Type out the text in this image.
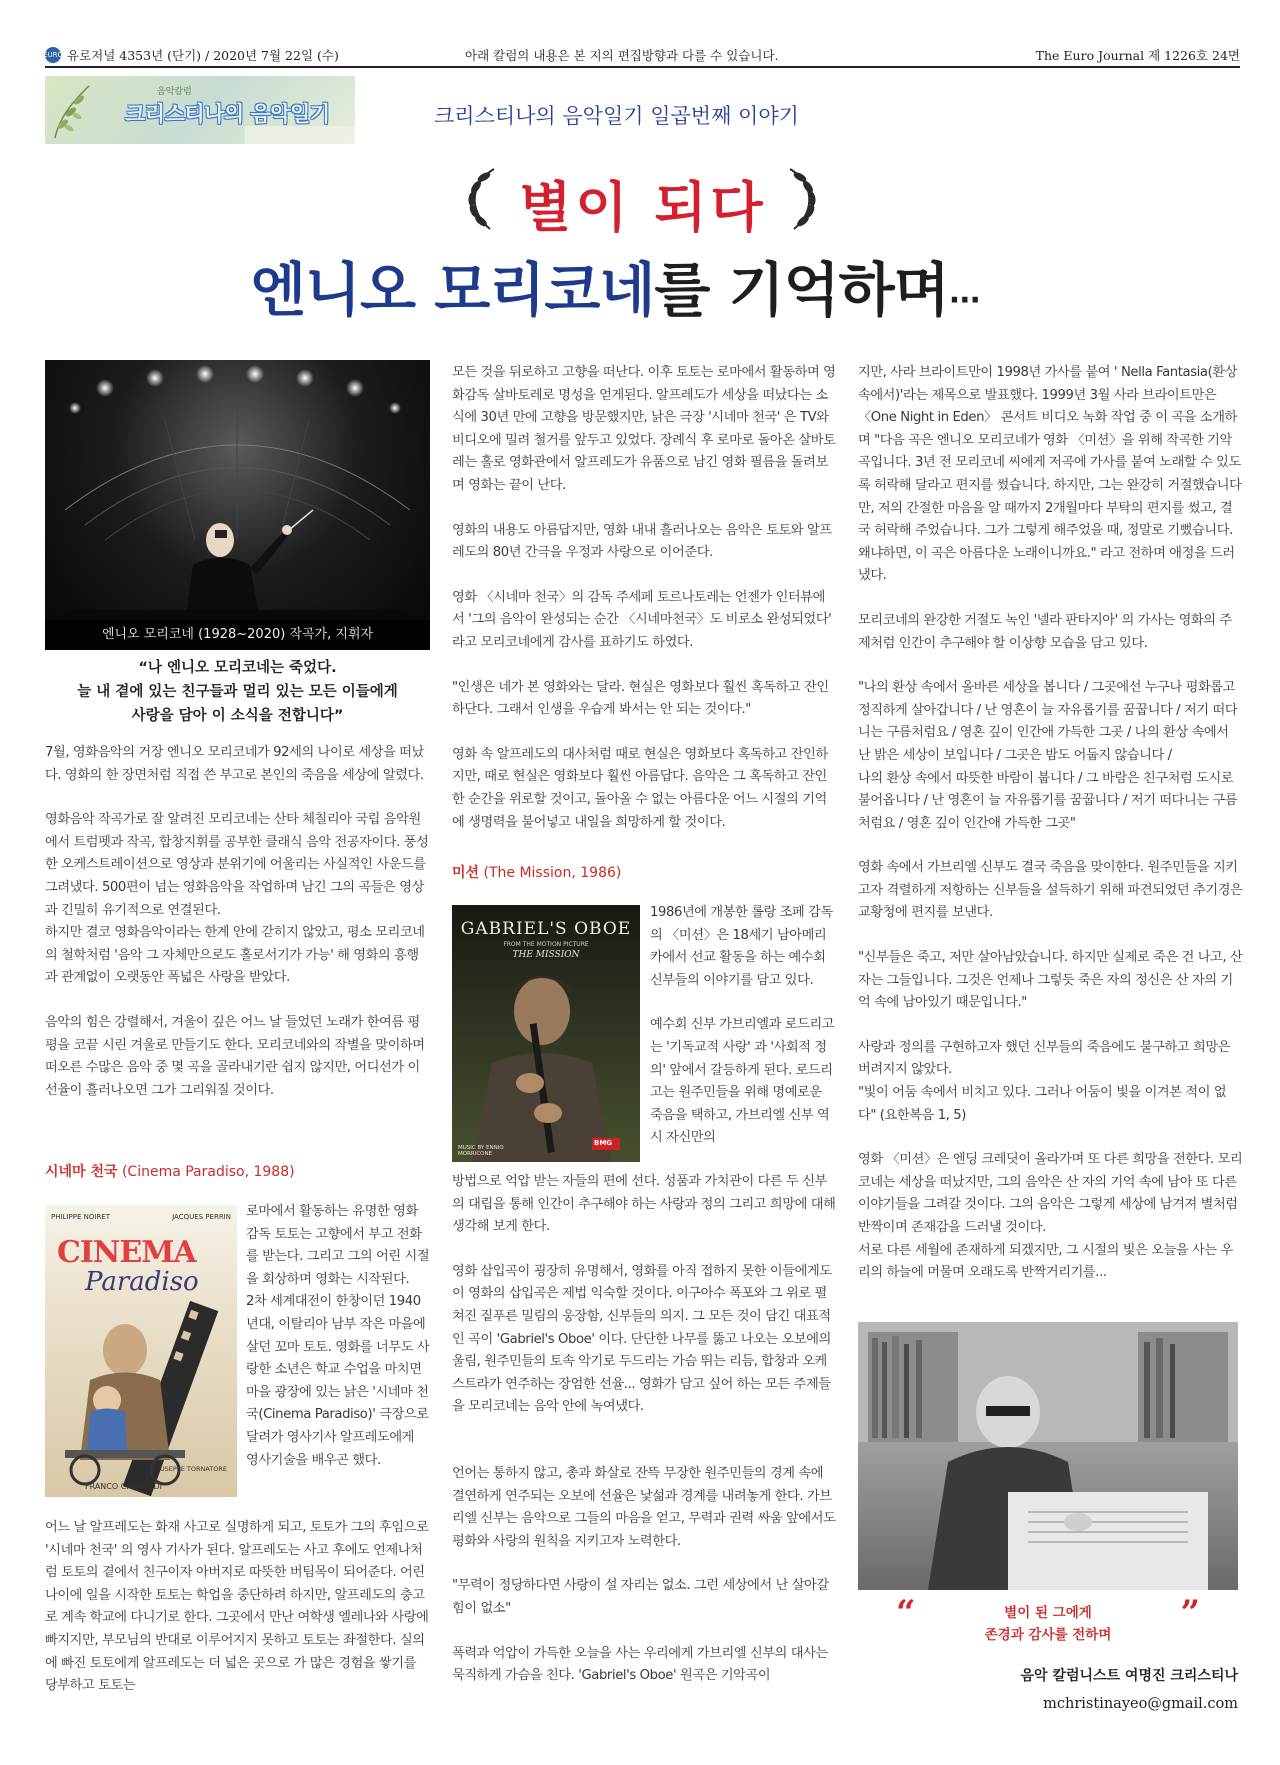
EURO 유로저널 4353년 (단기) / 2020년 7월 22일 (수)	아래 칼럼의 내용은 본 지의 편집방향과 다를 수 있습니다.	The Euro Journal 제 1226호 24면
음악칼럼
크리스티나의 음악일기	크리스티나의 음악일기 일곱번째 이야기
별이 되다
엔니오 모리코네를 기억하며···
엔니오 모리코네 (1928~2020) 작곡가, 지휘자
“나 엔니오 모리코네는 죽었다.
늘 내 곁에 있는 친구들과 멀리 있는 모든 이들에게
사랑을 담아 이 소식을 전합니다”

7월, 영화음악의 거장 엔니오 모리코네가 92세의 나이로 세상을 떠났다. 영화의 한 장면처럼 직접 쓴 부고로 본인의 죽음을 세상에 알렸다.

영화음악 작곡가로 잘 알려진 모리코네는 산타 체칠리아 국립 음악원에서 트럼펫과 작곡, 합창지휘를 공부한 클래식 음악 전공자이다. 풍성한 오케스트레이션으로 영상과 분위기에 어울리는 사실적인 사운드를 그려냈다. 500편이 넘는 영화음악을 작업하며 남긴 그의 곡들은 영상과 긴밀히 유기적으로 연결된다.

하지만 결코 영화음악이라는 한계 안에 갇히지 않았고, 평소 모리코네의 철학처럼 '음악 그 자체만으로도 홀로서기가 가능' 해 영화의 흥행과 관계없이 오랫동안 폭넓은 사랑을 받았다.

음악의 힘은 강렬해서, 겨울이 깊은 어느 날 들었던 노래가 한여름 평평을 코끝 시린 겨울로 만들기도 한다. 모리코네와의 작별을 맞이하며 떠오른 수많은 음악 중 몇 곡을 골라내기란 쉽지 않지만, 어디선가 이 선율이 흘러나오면 그가 그리워질 것이다.

시네마 천국 (Cinema Paradiso, 1988)
PHILIPPE NOIRET	JACQUES PERRIN
CINEMA
Paradiso
GIUSEPPE TORNATORE
FRANCO CRISTALDI

로마에서 활동하는 유명한 영화감독 토토는 고향에서 부고 전화를 받는다. 그리고 그의 어린 시절을 회상하며 영화는 시작된다.

2차 세계대전이 한창이던 1940년대, 이탈리아 남부 작은 마을에 살던 꼬마 토토. 영화를 너무도 사랑한 소년은 학교 수업을 마치면 마을 광장에 있는 낡은 '시네마 천국(Cinema Paradiso)' 극장으로 달려가 영사기사 알프레도에게 영사기술을 배우곤 했다.

어느 날 알프레도는 화재 사고로 실명하게 되고, 토토가 그의 후임으로 '시네마 천국' 의 영사 기사가 된다. 알프레도는 사고 후에도 언제나처럼 토토의 곁에서 친구이자 아버지로 따뜻한 버팀목이 되어준다. 어린 나이에 일을 시작한 토토는 학업을 중단하려 하지만, 알프레도의 충고로 계속 학교에 다니기로 한다. 그곳에서 만난 여학생 엘레나와 사랑에 빠지지만, 부모님의 반대로 이루어지지 못하고 토토는 좌절한다. 실의에 빠진 토토에게 알프레도는 더 넓은 곳으로 가 많은 경험을 쌓기를 당부하고 토토는

모든 것을 뒤로하고 고향을 떠난다. 이후 토토는 로마에서 활동하며 영화감독 살바토레로 명성을 얻게된다. 알프레도가 세상을 떠났다는 소식에 30년 만에 고향을 방문했지만, 낡은 극장 '시네마 천국' 은 TV와 비디오에 밀려 철거를 앞두고 있었다. 장례식 후 로마로 돌아온 살바토레는 홀로 영화관에서 알프레도가 유품으로 남긴 영화 필름을 돌려보며 영화는 끝이 난다.

영화의 내용도 아름답지만, 영화 내내 흘러나오는 음악은 토토와 알프레도의 80년 간극을 우정과 사랑으로 이어준다.

영화 〈시네마 천국〉의 감독 주세페 토르나토레는 언젠가 인터뷰에서 '그의 음악이 완성되는 순간 〈시네마천국〉도 비로소 완성되었다' 라고 모리코네에게 감사를 표하기도 하였다.

"인생은 네가 본 영화와는 달라. 현실은 영화보다 훨씬 혹독하고 잔인하단다. 그래서 인생을 우습게 봐서는 안 되는 것이다."

영화 속 알프레도의 대사처럼 때로 현실은 영화보다 혹독하고 잔인하지만, 때로 현실은 영화보다 훨씬 아름답다. 음악은 그 혹독하고 잔인한 순간을 위로할 것이고, 돌아올 수 없는 아름다운 어느 시절의 기억에 생명력을 불어넣고 내일을 희망하게 할 것이다.

미션 (The Mission, 1986)
GABRIEL'S OBOE
FROM THE MOTION PICTURE
THE MISSION
BMG
MUSIC BY ENNIO MORRICONE

1986년에 개봉한 롤랑 조페 감독의 〈미션〉은 18세기 남아메리카에서 선교 활동을 하는 예수회 신부들의 이야기를 담고 있다.

예수회 신부 가브리엘과 로드리고는 '기독교적 사랑' 과 '사회적 정의' 앞에서 갈등하게 된다. 로드리고는 원주민들을 위해 명예로운 죽음을 택하고, 가브리엘 신부 역시 자신만의

방법으로 억압 받는 자들의 편에 선다. 성품과 가치관이 다른 두 신부의 대립을 통해 인간이 추구해야 하는 사랑과 정의 그리고 희망에 대해 생각해 보게 한다.

영화 삽입곡이 굉장히 유명해서, 영화를 아직 접하지 못한 이들에게도 이 영화의 삽입곡은 제법 익숙할 것이다. 이구아수 폭포와 그 위로 펼쳐진 짙푸른 밀림의 웅장함, 신부들의 의지. 그 모든 것이 담긴 대표적인 곡이 'Gabriel's Oboe' 이다. 단단한 나무를 뚫고 나오는 오보에의 울림, 원주민들의 토속 악기로 두드리는 가슴 뛰는 리듬, 합창과 오케스트라가 연주하는 장엄한 선율... 영화가 담고 싶어 하는 모든 주제들을 모리코네는 음악 안에 녹여냈다.

언어는 통하지 않고, 총과 화살로 잔뜩 무장한 원주민들의 경계 속에 결연하게 연주되는 오보에 선율은 낯섦과 경계를 내려놓게 한다. 가브리엘 신부는 음악으로 그들의 마음을 얻고, 무력과 권력 싸움 앞에서도 평화와 사랑의 원칙을 지키고자 노력한다.

"무력이 정당하다면 사랑이 설 자리는 없소. 그런 세상에서 난 살아갈 힘이 없소"

폭력과 억압이 가득한 오늘을 사는 우리에게 가브리엘 신부의 대사는 묵직하게 가슴을 친다. 'Gabriel's Oboe' 원곡은 기악곡이

지만, 사라 브라이트만이 1998년 가사를 붙여 ' Nella Fantasia(환상 속에서)'라는 제목으로 발표했다. 1999년 3월 사라 브라이트만은 〈One Night in Eden〉 콘서트 비디오 녹화 작업 중 이 곡을 소개하며 "다음 곡은 엔니오 모리코네가 영화 〈미션〉을 위해 작곡한 기악곡입니다. 3년 전 모리코네 씨에게 저곡에 가사를 붙여 노래할 수 있도록 허락해 달라고 편지를 썼습니다. 하지만, 그는 완강히 거절했습니다만, 저의 간절한 마음을 알 때까지 2개월마다 부탁의 편지를 썼고, 결국 허락해 주었습니다. 그가 그렇게 해주었을 때, 정말로 기뻤습니다. 왜냐하면, 이 곡은 아름다운 노래이니까요." 라고 전하며 애정을 드러냈다.

모리코네의 완강한 거절도 녹인 '넬라 판타지아' 의 가사는 영화의 주제처럼 인간이 추구해야 할 이상향 모습을 담고 있다.

"나의 환상 속에서 올바른 세상을 봅니다 / 그곳에선 누구나 평화롭고 정직하게 살아갑니다 / 난 영혼이 늘 자유롭기를 꿈꿉니다 / 저기 떠다니는 구름처럼요 / 영혼 깊이 인간애 가득한 그곳 / 나의 환상 속에서 난 밝은 세상이 보입니다 / 그곳은 밤도 어둡지 않습니다 /

나의 환상 속에서 따뜻한 바람이 붑니다 / 그 바람은 친구처럼 도시로 불어옵니다 / 난 영혼이 늘 자유롭기를 꿈꿉니다 / 저기 떠다니는 구름처럼요 / 영혼 깊이 인간애 가득한 그곳"

영화 속에서 가브리엘 신부도 결국 죽음을 맞이한다. 원주민들을 지키고자 격렬하게 저항하는 신부들을 설득하기 위해 파견되었던 추기경은 교황청에 편지를 보낸다.

"신부들은 죽고, 저만 살아남았습니다. 하지만 실제로 죽은 건 나고, 산 자는 그들입니다. 그것은 언제나 그렇듯 죽은 자의 정신은 산 자의 기억 속에 남아있기 때문입니다."

사랑과 정의를 구현하고자 했던 신부들의 죽음에도 불구하고 희망은 버려지지 않았다.

"빛이 어둠 속에서 비치고 있다. 그러나 어둠이 빛을 이겨본 적이 없다" (요한복음 1, 5)

영화 〈미션〉은 엔딩 크레딧이 올라가며 또 다른 희망을 전한다. 모리코네는 세상을 떠났지만, 그의 음악은 산 자의 기억 속에 남아 또 다른 이야기들을 그려갈 것이다. 그의 음악은 그렇게 세상에 남겨져 별처럼 반짝이며 존재감을 드러낼 것이다.

서로 다른 세월에 존재하게 되겠지만, 그 시절의 빛은 오늘을 사는 우리의 하늘에 머물며 오래도록 반짝거리기를...

“	별이 된 그에게
존경과 감사를 전하며
”
음악 칼럼니스트 여명진 크리스티나
mchristinayeo@gmail.com
